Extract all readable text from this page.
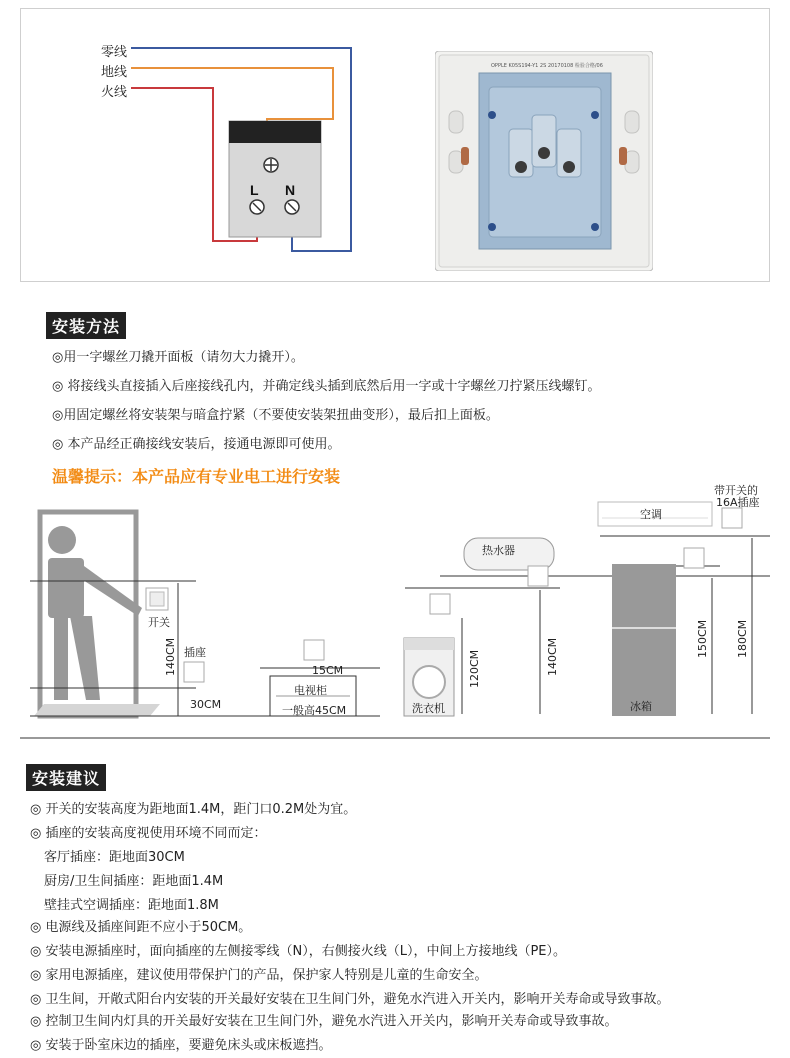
零线
地线
火线
L N
OPPLE K05S194-Y1 2S 20170108 检验合格/06
安装方法
◎用一字螺丝刀撬开面板（请勿大力撬开）。
◎ 将接线头直接插入后座接线孔内，并确定线头插到底然后用一字或十字螺丝刀拧紧压线螺钉。
◎用固定螺丝将安装架与暗盒拧紧（不要使安装架扭曲变形），最后扣上面板。
◎ 本产品经正确接线安装后，接通电源即可使用。
温馨提示：本产品应有专业电工进行安装
开关
插座
140CM
30CM
15CM
电视柜
一般高45CM
热水器
洗衣机
120CM	140CM
空调
带开关的
16A插座
冰箱
150CM 180CM
安装建议
◎ 开关的安装高度为距地面1.4M，距门口0.2M处为宜。
◎ 插座的安装高度视使用环境不同而定：
客厅插座：距地面30CM
厨房/卫生间插座：距地面1.4M
壁挂式空调插座：距地面1.8M
◎ 电源线及插座间距不应小于50CM。
◎ 安装电源插座时，面向插座的左侧接零线（N），右侧接火线（L），中间上方接地线（PE）。
◎ 家用电源插座，建议使用带保护门的产品，保护家人特别是儿童的生命安全。
◎ 卫生间，开敞式阳台内安装的开关最好安装在卫生间门外，避免水汽进入开关内，影响开关寿命或导致事故。
◎ 控制卫生间内灯具的开关最好安装在卫生间门外，避免水汽进入开关内，影响开关寿命或导致事故。
◎ 安装于卧室床边的插座，要避免床头或床板遮挡。
